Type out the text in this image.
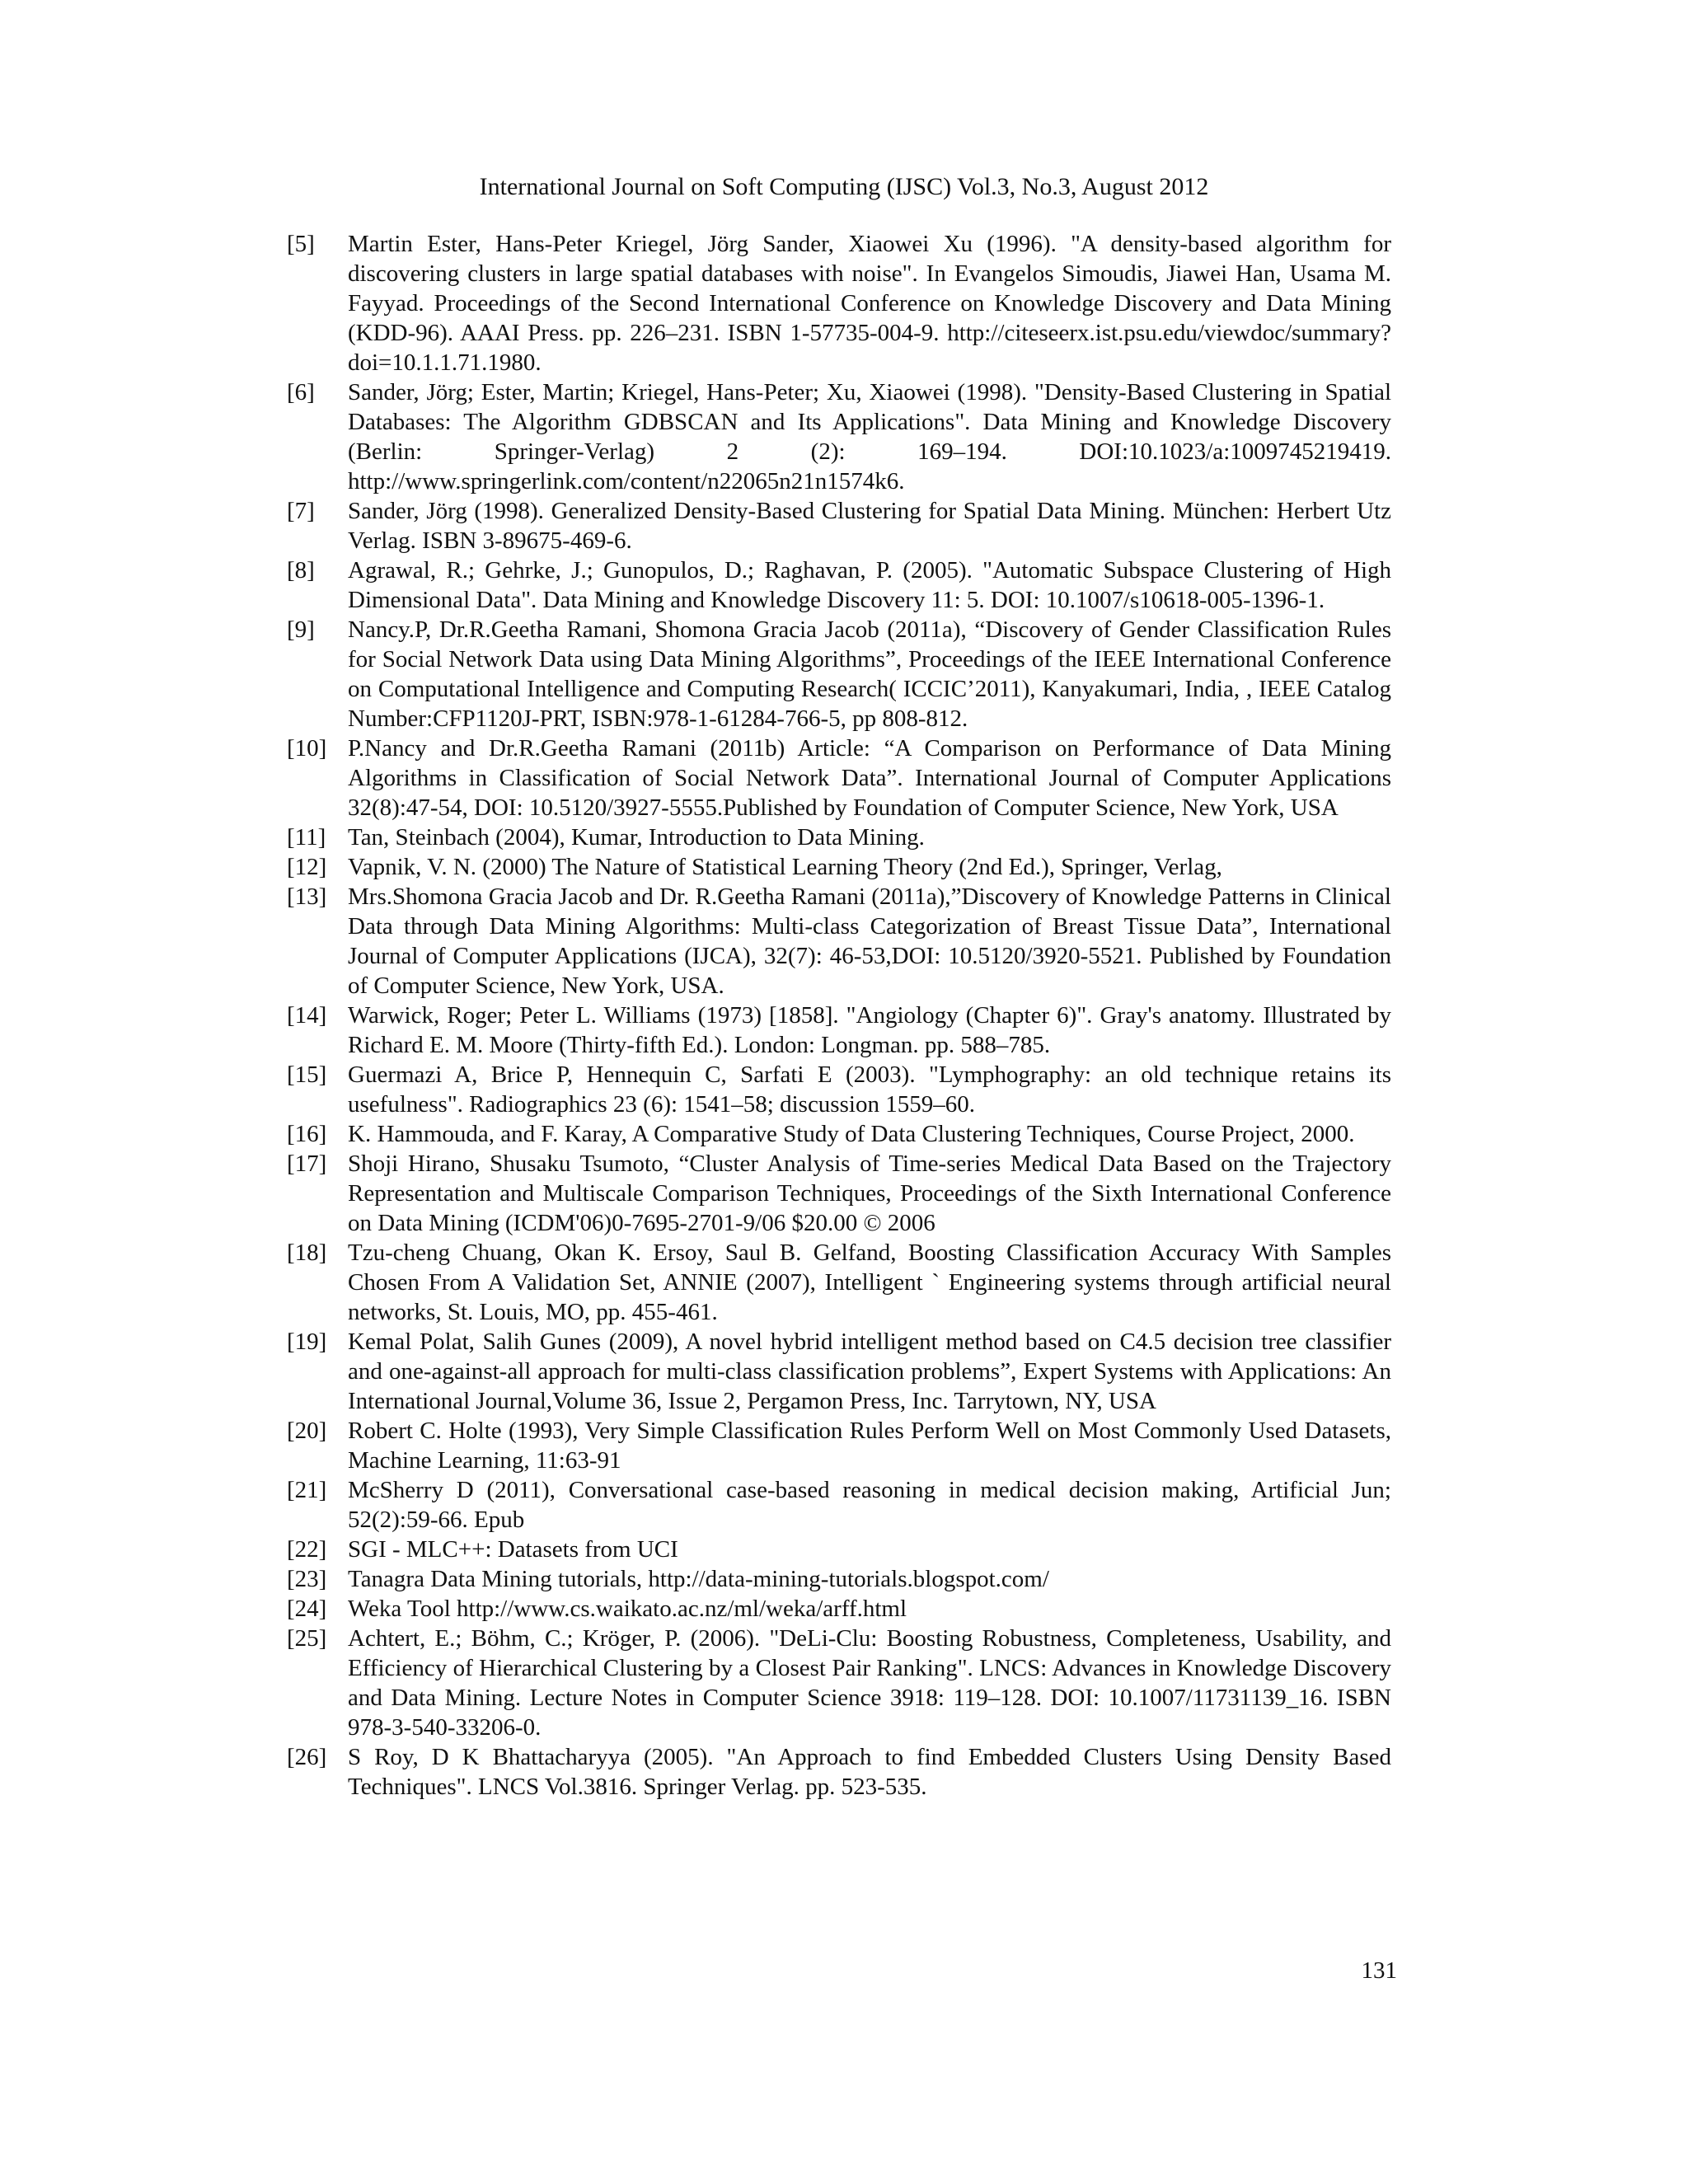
International Journal on Soft Computing (IJSC) Vol.3, No.3, August 2012
[5] Martin Ester, Hans-Peter Kriegel, Jörg Sander, Xiaowei Xu (1996). "A density-based algorithm for discovering clusters in large spatial databases with noise". In Evangelos Simoudis, Jiawei Han, Usama M. Fayyad. Proceedings of the Second International Conference on Knowledge Discovery and Data Mining (KDD-96). AAAI Press. pp. 226–231. ISBN 1-57735-004-9. http://citeseerx.ist.psu.edu/viewdoc/summary?doi=10.1.1.71.1980.
[6] Sander, Jörg; Ester, Martin; Kriegel, Hans-Peter; Xu, Xiaowei (1998). "Density-Based Clustering in Spatial Databases: The Algorithm GDBSCAN and Its Applications". Data Mining and Knowledge Discovery (Berlin: Springer-Verlag) 2 (2): 169–194. DOI:10.1023/a:1009745219419. http://www.springerlink.com/content/n22065n21n1574k6.
[7] Sander, Jörg (1998). Generalized Density-Based Clustering for Spatial Data Mining. München: Herbert Utz Verlag. ISBN 3-89675-469-6.
[8] Agrawal, R.; Gehrke, J.; Gunopulos, D.; Raghavan, P. (2005). "Automatic Subspace Clustering of High Dimensional Data". Data Mining and Knowledge Discovery 11: 5. DOI: 10.1007/s10618-005-1396-1.
[9] Nancy.P, Dr.R.Geetha Ramani, Shomona Gracia Jacob (2011a), “Discovery of Gender Classification Rules for Social Network Data using Data Mining Algorithms”, Proceedings of the IEEE International Conference on Computational Intelligence and Computing Research( ICCIC’2011), Kanyakumari, India, , IEEE Catalog Number:CFP1120J-PRT, ISBN:978-1-61284-766-5, pp 808-812.
[10] P.Nancy and Dr.R.Geetha Ramani (2011b) Article: “A Comparison on Performance of Data Mining Algorithms in Classification of Social Network Data”. International Journal of Computer Applications 32(8):47-54, DOI: 10.5120/3927-5555.Published by Foundation of Computer Science, New York, USA
[11] Tan, Steinbach (2004), Kumar, Introduction to Data Mining.
[12] Vapnik, V. N. (2000) The Nature of Statistical Learning Theory (2nd Ed.), Springer, Verlag,
[13] Mrs.Shomona Gracia Jacob and Dr. R.Geetha Ramani (2011a),”Discovery of Knowledge Patterns in Clinical Data through Data Mining Algorithms: Multi-class Categorization of Breast Tissue Data”, International Journal of Computer Applications (IJCA), 32(7): 46-53,DOI: 10.5120/3920-5521. Published by Foundation of Computer Science, New York, USA.
[14] Warwick, Roger; Peter L. Williams (1973) [1858]. "Angiology (Chapter 6)". Gray's anatomy. Illustrated by Richard E. M. Moore (Thirty-fifth Ed.). London: Longman. pp. 588–785.
[15] Guermazi A, Brice P, Hennequin C, Sarfati E (2003). "Lymphography: an old technique retains its usefulness". Radiographics 23 (6): 1541–58; discussion 1559–60.
[16] K. Hammouda, and F. Karay, A Comparative Study of Data Clustering Techniques, Course Project, 2000.
[17] Shoji Hirano, Shusaku Tsumoto, “Cluster Analysis of Time-series Medical Data Based on the Trajectory Representation and Multiscale Comparison Techniques, Proceedings of the Sixth International Conference on Data Mining (ICDM'06)0-7695-2701-9/06 $20.00 © 2006
[18] Tzu-cheng Chuang, Okan K. Ersoy, Saul B. Gelfand, Boosting Classification Accuracy With Samples Chosen From A Validation Set, ANNIE (2007), Intelligent ` Engineering systems through artificial neural networks, St. Louis, MO, pp. 455-461.
[19] Kemal Polat, Salih Gunes (2009), A novel hybrid intelligent method based on C4.5 decision tree classifier and one-against-all approach for multi-class classification problems”, Expert Systems with Applications: An International Journal,Volume 36, Issue 2, Pergamon Press, Inc. Tarrytown, NY, USA
[20] Robert C. Holte (1993), Very Simple Classification Rules Perform Well on Most Commonly Used Datasets, Machine Learning, 11:63-91
[21] McSherry D (2011), Conversational case-based reasoning in medical decision making, Artificial Jun; 52(2):59-66. Epub
[22] SGI - MLC++: Datasets from UCI
[23] Tanagra Data Mining tutorials, http://data-mining-tutorials.blogspot.com/
[24] Weka Tool http://www.cs.waikato.ac.nz/ml/weka/arff.html
[25] Achtert, E.; Böhm, C.; Kröger, P. (2006). "DeLi-Clu: Boosting Robustness, Completeness, Usability, and Efficiency of Hierarchical Clustering by a Closest Pair Ranking". LNCS: Advances in Knowledge Discovery and Data Mining. Lecture Notes in Computer Science 3918: 119–128. DOI: 10.1007/11731139_16. ISBN 978-3-540-33206-0.
[26] S Roy, D K Bhattacharyya (2005). "An Approach to find Embedded Clusters Using Density Based Techniques". LNCS Vol.3816. Springer Verlag. pp. 523-535.
131
